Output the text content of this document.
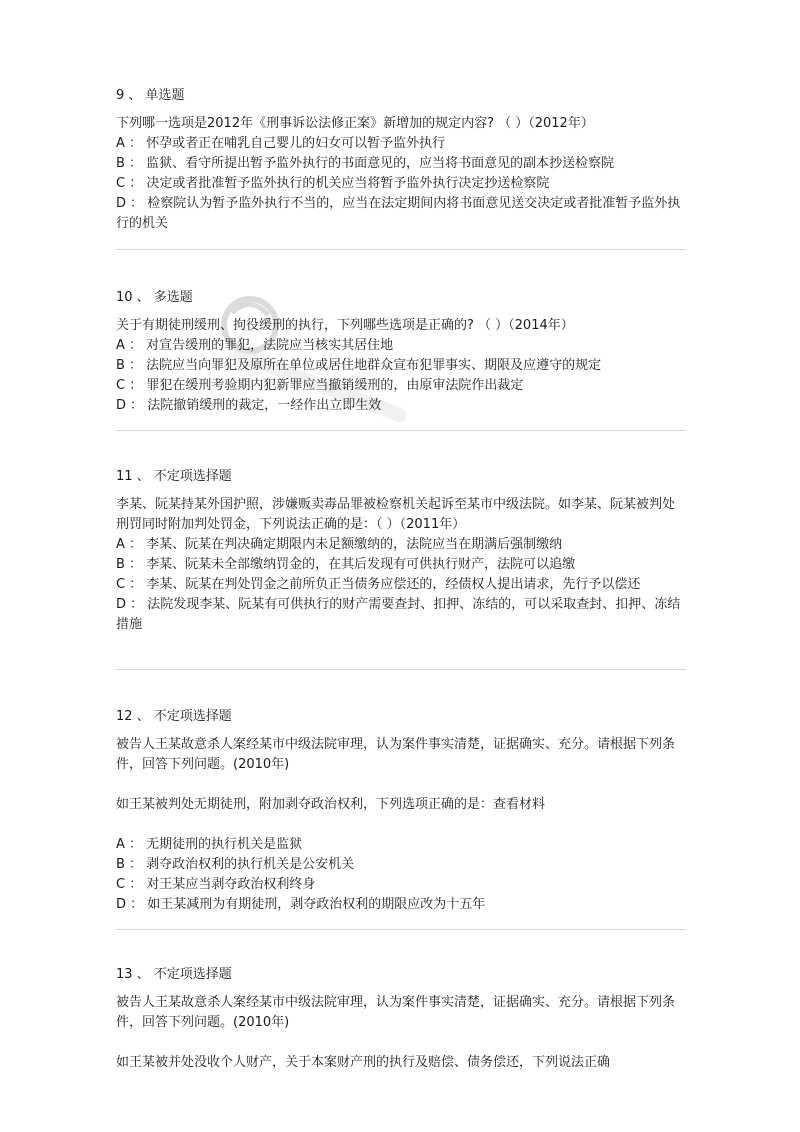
9 、 单选题

下列哪一选项是2012年《刑事诉讼法修正案》新增加的规定内容? （ ）（2012年）

A ： 怀孕或者正在哺乳自己婴儿的妇女可以暂予监外执行

B ： 监狱、看守所提出暂予监外执行的书面意见的，应当将书面意见的副本抄送检察院

C ： 决定或者批准暂予监外执行的机关应当将暂予监外执行决定抄送检察院

D ： 检察院认为暂予监外执行不当的，应当在法定期间内将书面意见送交决定或者批准暂予监外执行的机关

10 、 多选题

关于有期徒刑缓刑、拘役缓刑的执行，下列哪些选项是正确的? （ ）（2014年）

A ： 对宣告缓刑的罪犯，法院应当核实其居住地

B ： 法院应当向罪犯及原所在单位或居住地群众宣布犯罪事实、期限及应遵守的规定

C ： 罪犯在缓刑考验期内犯新罪应当撤销缓刑的，由原审法院作出裁定

D ： 法院撤销缓刑的裁定，一经作出立即生效

11 、 不定项选择题

李某、阮某持某外国护照，涉嫌贩卖毒品罪被检察机关起诉至某市中级法院。如李某、阮某被判处刑罚同时附加判处罚金，下列说法正确的是：（ ）（2011年）

A ： 李某、阮某在判决确定期限内未足额缴纳的，法院应当在期满后强制缴纳

B ： 李某、阮某未全部缴纳罚金的，在其后发现有可供执行财产，法院可以追缴

C ： 李某、阮某在判处罚金之前所负正当债务应偿还的，经债权人提出请求，先行予以偿还

D ： 法院发现李某、阮某有可供执行的财产需要查封、扣押、冻结的，可以采取查封、扣押、冻结措施

12 、 不定项选择题

被告人王某故意杀人案经某市中级法院审理，认为案件事实清楚，证据确实、充分。请根据下列条件，回答下列问题。(2010年)

如王某被判处无期徒刑，附加剥夺政治权利，下列选项正确的是：查看材料

A ： 无期徒刑的执行机关是监狱

B ： 剥夺政治权利的执行机关是公安机关

C ： 对王某应当剥夺政治权利终身

D ： 如王某减刑为有期徒刑，剥夺政治权利的期限应改为十五年

13 、 不定项选择题

被告人王某故意杀人案经某市中级法院审理，认为案件事实清楚，证据确实、充分。请根据下列条件，回答下列问题。(2010年)

如王某被并处没收个人财产，关于本案财产刑的执行及赔偿、债务偿还，下列说法正确
